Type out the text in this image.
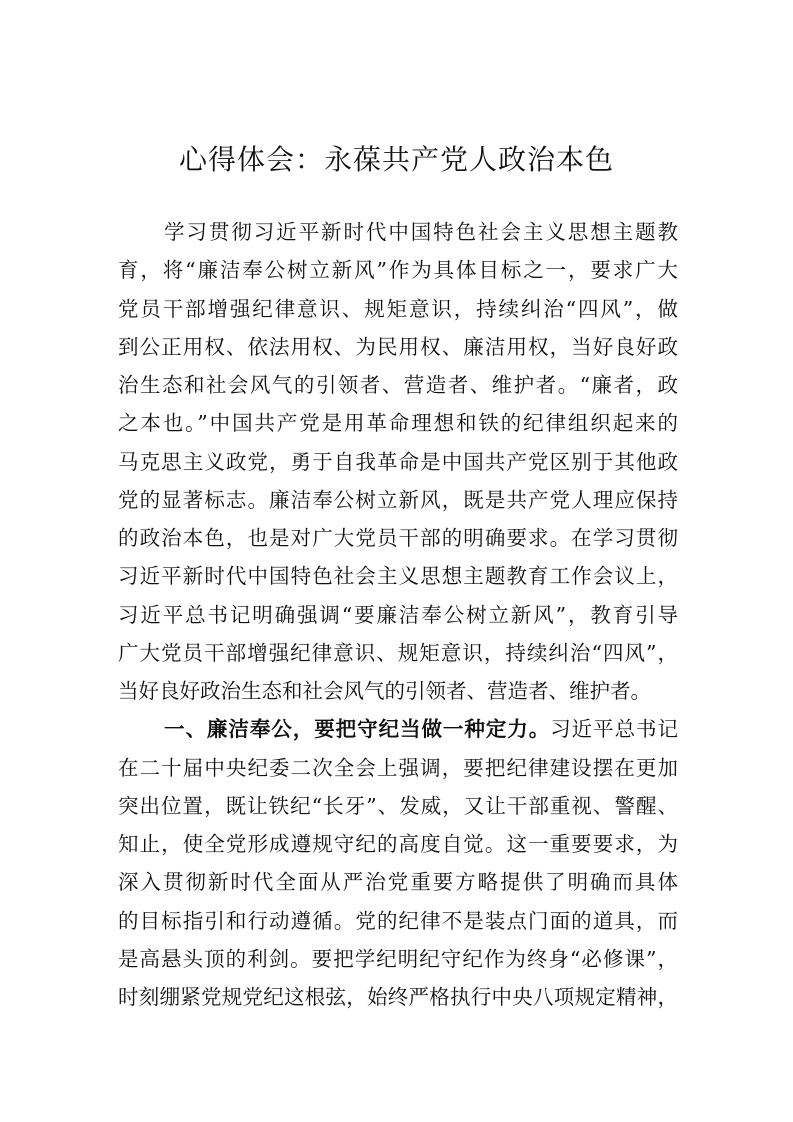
心得体会：永葆共产党人政治本色
学习贯彻习近平新时代中国特色社会主义思想主题教
育，将“廉洁奉公树立新风”作为具体目标之一，要求广大
党员干部增强纪律意识、规矩意识，持续纠治“四风”，做
到公正用权、依法用权、为民用权、廉洁用权，当好良好政
治生态和社会风气的引领者、营造者、维护者。“廉者，政
之本也。”中国共产党是用革命理想和铁的纪律组织起来的
马克思主义政党，勇于自我革命是中国共产党区别于其他政
党的显著标志。廉洁奉公树立新风，既是共产党人理应保持
的政治本色，也是对广大党员干部的明确要求。在学习贯彻
习近平新时代中国特色社会主义思想主题教育工作会议上，
习近平总书记明确强调“要廉洁奉公树立新风”，教育引导
广大党员干部增强纪律意识、规矩意识，持续纠治“四风”，
当好良好政治生态和社会风气的引领者、营造者、维护者。
一、廉洁奉公，要把守纪当做一种定力。习近平总书记
在二十届中央纪委二次全会上强调，要把纪律建设摆在更加
突出位置，既让铁纪“长牙”、发威，又让干部重视、警醒、
知止，使全党形成遵规守纪的高度自觉。这一重要要求，为
深入贯彻新时代全面从严治党重要方略提供了明确而具体
的目标指引和行动遵循。党的纪律不是装点门面的道具，而
是高悬头顶的利剑。要把学纪明纪守纪作为终身“必修课”，
时刻绷紧党规党纪这根弦，始终严格执行中央八项规定精神，
